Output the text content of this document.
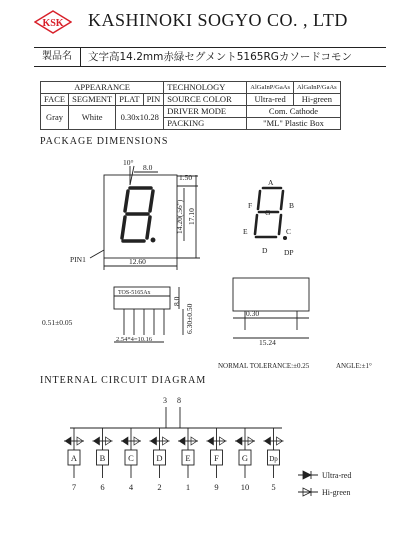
KSK KASHINOKI SOGYO CO. , LTD
製品名	文字高14.2mm赤緑セグメント5165RGカソードコモン
APPEARANCE				TECHNOLOGY	AlGaInP/GaAs	AlGaInP/GaAs
FACE	SEGMENT	PLAT	PIN	SOURCE COLOR	Ultra-red	Hi-green
Gray	White	0.30x10.28		DRIVER MODE	Com. Cathode	
				PACKING	"ML" Plastic Box	
PACKAGE DIMENSIONS
10°
8.0
1.50
14.20(.56") 17.10
12.60
PIN1
TOS-5165Ax
8.0
0.51±0.05	6.30±0.50
2.54*4=10.16
0.30
15.24
A
B
C
D
E
F
G
DP
NORMAL TOLERANCE:±0.25	ANGLE:±1°
INTERNAL CIRCUIT DIAGRAM
A
7
B
6
C
4
D
2
E
1
F
9
G
10
Dp
5
3 8
Ultra-red
Hi-green
